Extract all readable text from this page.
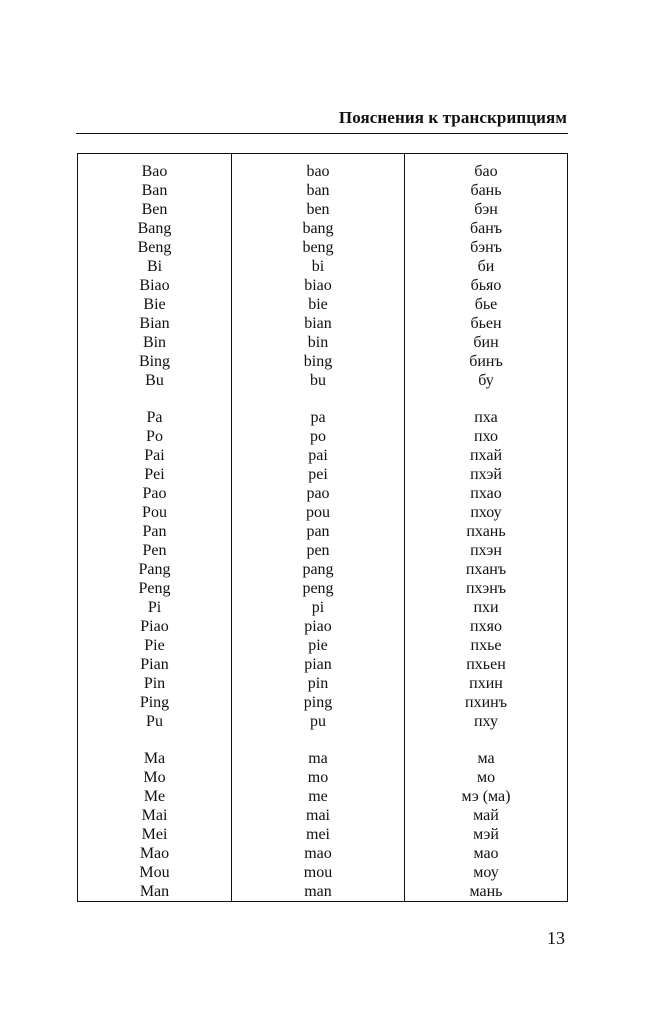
Пояснения к транскрипциям
Bao
Ban
Ben
Bang
Beng
Bi
Biao
Bie
Bian
Bin
Bing
Bu
Pa
Po
Pai
Pei
Pao
Pou
Pan
Pen
Pang
Peng
Pi
Piao
Pie
Pian
Pin
Ping
Pu
Ma
Mo
Me
Mai
Mei
Mao
Mou
Man
bao
ban
ben
bang
beng
bi
biao
bie
bian
bin
bing
bu
pa
po
pai
pei
pao
pou
pan
pen
pang
peng
pi
piao
pie
pian
pin
ping
pu
ma
mo
me
mai
mei
mao
mou
man
бао
бань
бэн
банъ
бэнъ
би
бьяо
бье
бьен
бин
бинъ
бу
пха
пхо
пхай
пхэй
пхао
пхоу
пхань
пхэн
пханъ
пхэнъ
пхи
пхяо
пхье
пхьен
пхин
пхинъ
пху
ма
мо
мэ (ма)
май
мэй
мао
моу
мань
13
